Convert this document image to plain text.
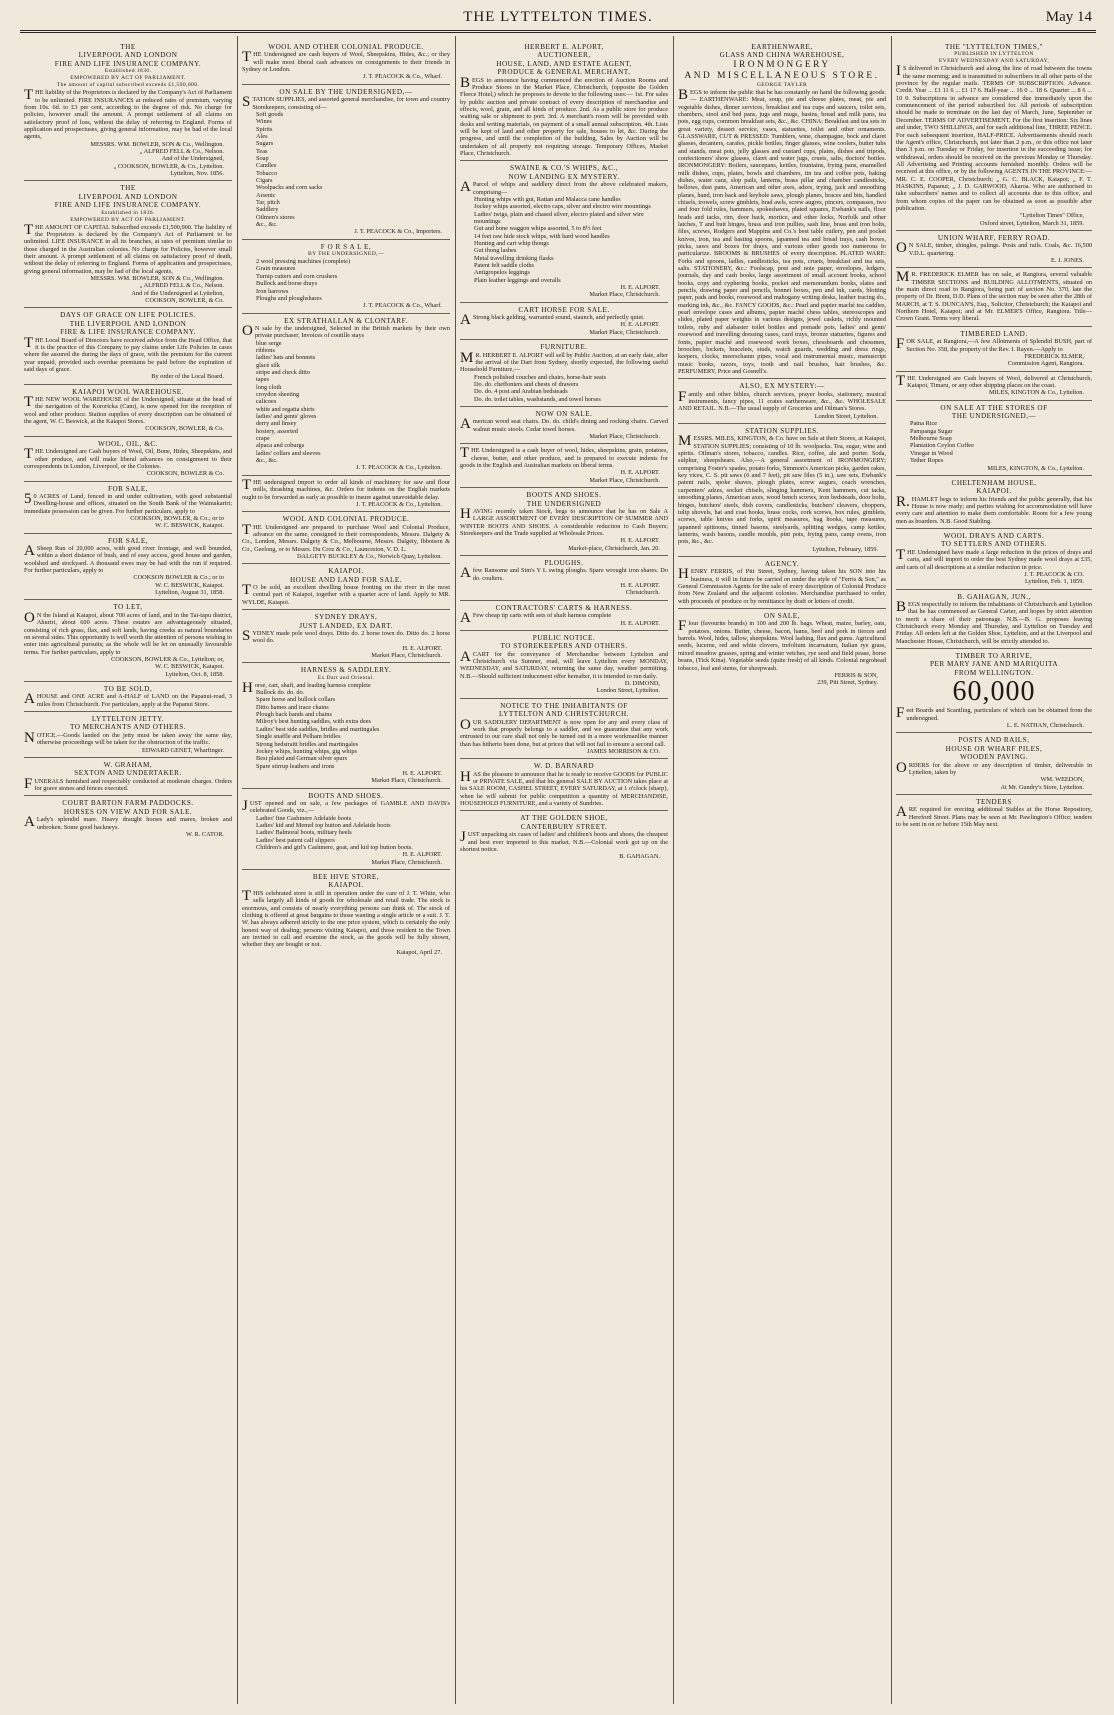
THE LYTTELTON TIMES.	May 14
THE
LIVERPOOL AND LONDON
FIRE AND LIFE INSURANCE COMPANY.
Established 1836.
EMPOWERED BY ACT OF PARLIAMENT.
The amount of capital subscribed exceeds £1,500,000.
THE liability of the Proprietors is declared by the Company's Act of Parliament to be unlimited. FIRE INSURANCES at reduced rates of premium, varying from 10s. 6d. to £3 per cent, according to the degree of risk. No charge for policies, however small the amount. A prompt settlement of all claims on satisfactory proof of loss, without the delay of referring to England. Forms of application and prospectuses, giving general information, may be had of the local agents,
MESSRS. WM. BOWLER, SON & Co., Wellington.
„ ALFRED FELL & Co., Nelson.
And of the Undersigned,
„ COOKSON, BOWLER, & Co., Lyttelton.
Lyttelton, Nov. 1856.
THE
LIVERPOOL AND LONDON
FIRE AND LIFE INSURANCE COMPANY.
Established in 1836.
EMPOWERED BY ACT OF PARLIAMENT.
THE AMOUNT OF CAPITAL Subscribed exceeds £1,500,000. The liability of the Proprietors is declared by the Company's Act of Parliament to be unlimited. LIFE INSURANCE in all its branches, at rates of premium similar to those charged in the Australian colonies. No charge for Policies, however small their amount. A prompt settlement of all claims on satisfactory proof of death, without the delay of referring to England. Forms of application and prospectuses, giving general information, may be had of the local agents,
MESSRS. WM. BOWLER, SON & Co., Wellington.
„ ALFRED FELL & Co., Nelson.
And of the Undersigned at Lyttelton,
COOKSON, BOWLER, & Co.
DAYS OF GRACE ON LIFE POLICIES.
THE LIVERPOOL AND LONDON
FIRE & LIFE INSURANCE COMPANY.
THE Local Board of Directors have received advice from the Head Office, that it is the practice of this Company to pay claims under Life Policies in cases where the assured die during the days of grace, with the premium for the current year unpaid, provided such overdue premiums be paid before the expiration of said days of grace.
By order of the Local Board.
KAIAPOI WOOL WAREHOUSE.
THE NEW WOOL WAREHOUSE of the Undersigned, situate at the head of the navigation of the Kororicka (Cam), is now opened for the reception of wool and other produce. Station supplies of every description can be obtained of the agent, W. C. Beswick, at the Kaiapoi Stores.
COOKSON, BOWLER, & Co.
WOOL, OIL, &C.
THE Undersigned are Cash buyers of Wool, Oil, Bone, Hides, Sheepskins, and other produce, and will make liberal advances on consignment to their correspondents in London, Liverpool, or the Colonies.
COOKSON, BOWLER & Co.
FOR SALE,
50 ACRES of Land, fenced in and under cultivation, with good substantial Dwelling-house and offices, situated on the South Bank of the Waimakariri; immediate possession can be given. For further particulars, apply to
COOKSON, BOWLER, & Co.; or to
W. C. BESWICK, Kaiapoi.
FOR SALE,
ASheep Run of 20,000 acres, with good river frontage, and well bounded, within a short distance of bush, and of easy access, good house and garden, woolshed and stockyard. A thousand ewes may be had with the run if required. For further particulars, apply to
COOKSON BOWLER & Co.; or to
W. C. BESWICK, Kaiapoi.
Lyttelton, August 31, 1858.
TO LET,
ON the Island at Kaiapoi, about 700 acres of land, and in the Tai-tapu district, Ahuriri, about 600 acres. These estates are advantageously situated, consisting of rich grass, flax, and soft lands, having creeks as natural boundaries on several sides. This opportunity is well worth the attention of persons wishing to enter into agricultural pursuits; as the whole will be let on unusually favourable terms. For further particulars, apply to
COOKSON, BOWLER & Co., Lyttelton; or,
W. C. BESWICK, Kaiapoi.
Lyttelton, Oct. 8, 1858.
TO BE SOLD,
AHOUSE and ONE ACRE and A-HALF of LAND on the Papanui-road, 3 miles from Christchurch. For particulars, apply at the Papanui Store.
LYTTELTON JETTY.
TO MERCHANTS AND OTHERS.
NOTICE.—Goods landed on the jetty must be taken away the same day, otherwise proceedings will be taken for the obstruction of the traffic.
EDWARD GENET, Wharfinger.
W. GRAHAM,
SEXTON AND UNDERTAKER.
FUNERALS furnished and respectably conducted at moderate charges. Orders for grave stones and fences executed.
COURT BARTON FARM PADDOCKS.
HORSES ON VIEW AND FOR SALE.
ALady's splendid mare. Heavy draught horses and mares, broken and unbroken. Some good hackneys.
W. R. CATOR.
WOOL AND OTHER COLONIAL PRODUCE.
THE Undersigned are cash buyers of Wool, Sheepskins, Hides, &c.; or they will make most liberal cash advances on consignments to their friends in Sydney or London.
J. T. PEACOCK & Co., Wharf.
ON SALE BY THE UNDERSIGNED,—
STATION SUPPLIES, and assorted general merchandise, for town and country Storekeepers, consisting of—
Soft goods
Wines
Spirits
Ales
Sugars
Teas
Soap
Candles
Tobacco
Cigars
Woolpacks and corn sacks
Arsenic
Tar, pitch
Saddlery
Oilmen's stores
&c., &c.
J. T. PEACOCK & Co., Importers.
F O R S A L E,
BY THE UNDERSIGNED,—
2 wool pressing machines (complete)
Grain measures
Turnip cutters and corn crushers
Bullock and horse drays
Iron harrows
Ploughs and ploughshares
J. T. PEACOCK & Co., Wharf.
EX STRATHALLAN & CLONTARF.
ON sale by the undersigned, Selected in the British markets by their own private purchaser, Invoices of coutille stays
blue serge
ribbons
ladies' hats and bonnets
glacé silk
stripe and check ditto
tapes
long cloth
croydon sheeting
calicoes
white and regatta shirts
ladies' and gents' gloves
derry and linsey
hosiery, assorted
crape
alpaca and coburgs
ladies' collars and sleeves
&c., &c.
J. T. PEACOCK & Co., Lyttelton.
THE undersigned import to order all kinds of machinery for saw and flour mills, thrashing machines, &c. Orders for indents on the English markets ought to be forwarded as early as possible to insure against unavoidable delay.
J. T. PEACOCK & Co., Lyttelton.
WOOL AND COLONIAL PRODUCE.
THE Undersigned are prepared to purchase Wool and Colonial Produce, advance on the same, consigned to their correspondents, Messrs. Dalgety & Co., London, Messrs. Dalgety & Co., Melbourne, Messrs. Dalgety, Ibbotson & Co., Geelong, or to Messrs. Du Croz & Co., Launceston, V. D. L.
DALGETY BUCKLEY & Co., Norwich Quay, Lyttelton.
KAIAPOI.
HOUSE AND LAND FOR SALE.
TO be sold, an excellent dwelling house fronting on the river in the most central part of Kaiapoi, together with a quarter acre of land. Apply to MR. WYLDE, Kaiapoi.
SYDNEY DRAYS,
JUST LANDED, EX DART.
SYDNEY made pole wool drays. Ditto do. 2 horse town do. Ditto do. 2 horse wool do.
H. E. ALPORT.
Market Place, Christchurch.
HARNESS & SADDLERY.
Ex Dart and Oriental.
Horse, cart, shaft, and leading harness complete
Bullock do. do. do.
Spare horse and bullock collars
Ditto hames and trace chains
Plough back bands and chains
Milroy's best hunting saddles, with extra dees
Ladies' best side saddles, bridles and martingales
Single snaffle and Pelham bridles
Strong bedstraitt bridles and martingales
Jockey whips, hunting whips, gig whips
Best plated and German silver spurs
Spare stirrup leathers and irons
H. E. ALPORT.
Market Place, Christchurch.
BOOTS AND SHOES.
JUST opened and on sale, a few packages of GAMBLE AND DAVIS's celebrated Goods, viz.,—
Ladies' fine Cashmere Adelaide boots
Ladies' kid and Memel top button and Adelaide boots
Ladies' Balmoral boots, military heels
Ladies' best patent calf slippers
Children's and girl's Cashmere, goat, and kid top button boots.
H. E. ALPORT.
Market Place, Christchurch.
BEE HIVE STORE,
KAIAPOI.
THIS celebrated store is still in operation under the care of J. T. White, who sells largely all kinds of goods for wholesale and retail trade. The stock is enormous, and consists of nearly everything persons can think of. The stock of clothing is offered at great bargains to those wanting a single article or a suit. J. T. W. has always adhered strictly to the one price system, which is certainly the only honest way of dealing; persons visiting Kaiapoi, and those resident in the Town are invited to call and examine the stock, as the goods will be fully shown, whether they are bought or not.
Kaiapoi, April 27.
HERBERT E. ALPORT,
AUCTIONEER,
HOUSE, LAND, AND ESTATE AGENT,
PRODUCE & GENERAL MERCHANT,
BEGS to announce having commenced the erection of Auction Rooms and Produce Stores in the Market Place, Christchurch, (opposite the Golden Fleece Hotel,) which he proposes to devote to the following uses:— 1st. For sales by public auction and private contract of every description of merchandise and effects, wool, grain, and all kinds of produce. 2nd. As a public store for produce waiting sale or shipment to port. 3rd. A merchant's room will be provided with desks and writing materials, on payment of a small annual subscription. 4th. Lists will be kept of land and other property for sale, houses to let, &c. During the progress, and until the completion of the building, Sales by Auction will be undertaken of all property not requiring storage. Temporary Offices, Market Place, Christchurch.
SWAINE & CO.'S WHIPS, &C.,
NOW LANDING EX MYSTERY.
AParcel of whips and saddlery direct from the above celebrated makers, comprising—
Hunting whips with gut, Rattan and Malacca cane handles
Jockey whips assorted, electro caps, silver and electro wire mountings
Ladies' twigs, plain and chased silver, electro plated and silver wire mountings
Gut and bone waggon whips assorted, 5 to 8½ feet
14 feet raw hide stock whips, with hard wood handles
Hunting and cart whip thongs
Gut thong lashes
Metal travelling drinking flasks
Patent felt saddle cloths
Antigropelos leggings
Plain leather leggings and overalls
H. E. ALPORT.
Market Place, Christchurch.
CART HORSE FOR SALE.
AStrong black gelding, warranted sound, staunch, and perfectly quiet.
H. E. ALPORT.
Market Place, Christchurch.
FURNITURE.
MR. HERBERT E. ALPORT will sell by Public Auction, at an early date, after the arrival of the Dart from Sydney, shortly expected, the following useful Household Furniture,—
French polished couches and chairs, horse-hair seats
Do. do. cheffoniers and chests of drawers
Do. do. 4 post and Arabian bedsteads
Do. do. toilet tables, washstands, and towel horses
NOW ON SALE.
American wood seat chairs. Do. do. child's dining and rocking chairs. Carved walnut music stools. Cedar towel horses.
Market Place, Christchurch.
THE Undersigned is a cash buyer of wool, hides, sheepskins, grain, potatoes, cheese, butter, and other produce, and is prepared to execute indents for goods in the English and Australian markets on liberal terms.
H. E. ALPORT.
Market Place, Christchurch.
BOOTS AND SHOES.
THE UNDERSIGNED
HAVING recently taken Stock, begs to announce that he has on Sale A LARGE ASSORTMENT OF EVERY DESCRIPTION OF SUMMER AND WINTER BOOTS AND SHOES. A considerable reduction to Cash Buyers; Storekeepers and the Trade supplied at Wholesale Prices.
H. E. ALPORT.
Market-place, Christchurch, Jan. 20.
PLOUGHS.
Afew Ransome and Sim's Y L swing ploughs. Spare wrought iron shares. Do do. coulters.
H. E. ALPORT.
Christchurch.
CONTRACTORS' CARTS & HARNESS.
AFew cheap tip carts with sets of shaft harness complete
H. E. ALPORT.
PUBLIC NOTICE.
TO STOREKEEPERS AND OTHERS.
ACART for the conveyance of Merchandise between Lyttelton and Christchurch via Sumner, road, will leave Lyttelton every MONDAY, WEDNESDAY, and SATURDAY, returning the same day, weather permitting. N.B.—Should sufficient inducement offer hereafter, it is intended to run daily.
D. DIMOND,
London Street, Lyttelton.
NOTICE TO THE INHABITANTS OF
LYTTELTON AND CHRISTCHURCH.
OUR SADDLERY DEPARTMENT is now open for any and every class of work that properly belongs to a saddler, and we guarantee that any work entrusted to our care shall not only be turned out in a more workmanlike manner than has hitherto been done, but at prices that will not fail to ensure a second call.
JAMES MORRISON & CO.
W. D. BARNARD
HAS the pleasure to announce that he is ready to receive GOODS for PUBLIC or PRIVATE SALE, and that his general SALE BY AUCTION takes place at his SALE ROOM, CASHEL STREET, EVERY SATURDAY, at 1 o'clock (sharp), when he will submit for public competition a quantity of MERCHANDISE, HOUSEHOLD FURNITURE, and a variety of Sundries.
AT THE GOLDEN SHOE,
CANTERBURY STREET.
JUST unpacking six cases of ladies' and children's boots and shoes, the cheapest and best ever imported to this market. N.B.—Colonial work got up on the shortest notice.
B. GAHAGAN.
EARTHENWARE,
GLASS AND CHINA WAREHOUSE,
IRONMONGERY
AND MISCELLANEOUS STORE.
GEORGE TAYLER
BEGS to inform the public that he has constantly on hand the following goods:— EARTHENWARE: Meat, soup, pie and cheese plates, meat, pie and vegetable dishes, dinner services, breakfast and tea cups and saucers, toilet sets, chambers, stool and bed pans, jugs and mugs, basins, bread and milk pans, tea pots, egg cups, common breakfast sets, &c., &c. CHINA: Breakfast and tea sets in great variety, dessert service, vases, statuettes, toilet and other ornaments. GLASSWARE, CUT & PRESSED: Tumblers, wine, champagne, bock and claret glasses, decanters, carafes, pickle bottles, finger glasses, wine coolers, butter tubs and stands, meat pots, jelly glasses and custard cups, plates, dishes and tripods, confectioners' show glasses, claret and water jugs, cruets, salts, doctors' bottles. IRONMONGERY: Boilers, saucepans, kettles, fountains, frying pans, enamelled milk dishes, cups, plates, bowls and chambers, tin tea and coffee pots, baking dishes, water cans, slop pails, lanterns, brass pillar and chamber candlesticks, bellows, dust pans, American and other axes, adzes, trying, jack and smoothing planes, hand, iron back and keyhole saws, plough planes, braces and bits, handled chisels, trowels, screw gimblets, brad awls, screw augres, pincers, compasses, two and four fold rules, hammers, spokeshaves, plated squares, Ewbank's nails, floor brads and tacks, rim, door back, mortice, and other locks, Norfolk and other latches, T and butt hinges, brass and iron pullies, sash line, brass and iron bolts, files, screws, Rodgers and Mappins and Co.'s best table cutlery, pen and pocket knives, iron, tea and basting spoons, japanned tea and bread trays, cash boxes, picks, saws and boxes for drays, and various other goods too numerous to particularize. BROOMS & BRUSHES of every description. PLATED WARE: Forks and spoons, ladles, candlesticks, tea pots, cruets, breakfast and tea sets, salts. STATIONERY, &c.: Foolscap, post and note paper, envelopes, ledgers, journals, day and cash books, large assortment of small account books, school books, copy and cyphering books, pocket and memorandum books, slates and pencils, drawing paper and pencils, bonnet boxes, pen and ink, cards, blotting paper, pads and books, rosewood and mahogany writing desks, leather tracing do., marking ink, &c., &c. FANCY GOODS, &c.: Pearl and papier maché tea caddies, pearl envelope cases and albums, papier maché chess tables, stereoscopes and slides, plated paper weights in various designs, jewel caskets, richly mounted toilets, ruby and alabaster toilet bottles and pomade pots, ladies' and gents' rosewood and travelling dressing cases, card trays, bronze statuettes, figures and fonts, papier maché and rosewood work boxes, chessboards and chessmen, brooches, lockets, bracelets, studs, watch guards, wedding and dress rings, keepers, clocks, meerschaum pipes, vocal and instrumental music, manuscript music books, razors, toys, tooth and nail brushes, hair brushes, &c. PERFUMERY, Price and Gosnell's.
ALSO, EX MYSTERY:—
Family and other bibles, church services, prayer books, stationery, musical instruments, fancy pipes, 11 crates earthenware, &c., &c. WHOLESALE AND RETAIL. N.B.—The usual supply of Groceries and Oilman's Stores.
London Street, Lyttelton.
STATION SUPPLIES.
MESSRS. MILES, KINGTON, & Co. have on Sale at their Stores, at Kaiapoi, STATION SUPPLIES; consisting of 10 lb. woolpacks. Tea, sugar, wine and spirits. Oilman's stores, tobacco, candles. Rice, coffee, ale and porter. Soda, sulphur, sheepshears. Also,—A general assortment of IRONMONGERY; comprising Foster's spades, potato forks, Simmon's American picks, garden rakes, key vices, C. S. pit saws (6 and 7 feet), pit saw files (5 in.), saw sets, Ewbank's patent nails, spoke shaves, plough plates, screw augurs, coach wrenches, carpenters' adzes, socket chisels, slinging hammers, Kent hammers, cut tacks, smoothing planes, American axes, wood bench screws, iron bedsteads, door bolts, hinges, butchers' steels, dish covers, candlesticks, butchers' cleavers, choppers, tulip shovels, hat and coat hooks, brass cocks, cork screws, box rules, gimblets, screws, table knives and forks, spirit measures, bag hooks, tape measures, japanned spittoons, tinned basons, steelyards, splitting wedges, camp kettles, lanterns, wash basons, candle moulds, pint pots, frying pans, camp ovens, iron pots, &c., &c.
Lyttelton, February, 1859.
AGENCY.
HENRY FERRIS, of Pitt Street, Sydney, having taken his SON into his business, it will in future be carried on under the style of "Ferris & Son," as General Commission Agents for the sale of every description of Colonial Produce from New Zealand and the adjacent colonies. Merchandise purchased to order, with proceeds of produce or by remittance by draft or letters of credit.
ON SALE,
Flour (favourite brands) in 100 and 200 lb. bags. Wheat, maize, barley, oats, potatoes, onions. Butter, cheese, bacon, hams, beef and pork in tierces and barrels. Wool, hides, tallow, sheepskins. Wool lashing, flax and gums. Agricultural seeds, lucerne, red and white clovers, trefolium incarnatum, Italian rye grass, mixed meadow grasses, spring and winter vetches, rye seed and field pease, horse beans, (Tick Kina). Vegetable seeds (quite fresh) of all kinds. Colonial negrohead tobacco, leaf and stems, for sheepwash.
FERRIS & SON,
239, Pitt Street, Sydney.
THE "LYTTELTON TIMES,"
PUBLISHED IN LYTTELTON
EVERY WEDNESDAY AND SATURDAY,
IS delivered in Christchurch and along the line of road between the towns the same morning; and is transmitted to subscribers in all other parts of the province by the regular mails. TERMS OF SUBSCRIPTION. Advance. Credit. Year ... £1 11 6 ... £1 17 6. Half-year ... 16 0 ... 18 6. Quarter ... 8 6 ... 10 0. Subscriptions in advance are considered due immediately upon the commencement of the period subscribed for. All periods of subscription should be made to terminate on the last day of March, June, September or December. TERMS OF ADVERTISEMENT. For the first insertion: Six lines and under, TWO SHILLINGS, and for each additional line, THREE PENCE. For each subsequent insertion, HALF-PRICE. Advertisements should reach the Agent's office, Christchurch, not later than 2 p.m., or this office not later than 3 p.m. on Tuesday or Friday, for insertion in the succeeding issue; for withdrawal, orders should be received on the previous Monday or Thursday. All Advertising and Printing accounts furnished monthly. Orders will be received at this office, or by the following AGENTS IN THE PROVINCE:— MR. C. E. COOPER, Christchurch; „ G. C. BLACK, Kaiapoi; „ F. T. HASKINS, Papanui; „ J. D. GARWOOD, Akaroa. Who are authorised to take subscribers' names and to collect all accounts due to this office, and from whom copies of the paper can be obtained as soon as possible after publication.
"Lyttelton Times" Office,
Oxford street, Lyttelton, March 31, 1859.
UNION WHARF, FERRY ROAD.
ON SALE, timber, shingles, palings. Posts and rails. Coals, &c. 16,500 V.D.L. quartering.
E. J. JONES.
MR. FREDERICK ELMER has on sale, at Rangiora, several valuable TIMBER SECTIONS and BUILDING ALLOTMENTS, situated on the main direct road to Rangiora, being part of section No. 370, late the property of Dr. Brent, D.D. Plans of the section may be seen after the 28th of MARCH, at T. S. DUNCAN'S, Esq., Solicitor, Christchurch; the Kaiapoi and Northern Hotel, Kaiapoi; and at Mr. ELMER'S Office, Rangiora. Title—Crown Grant. Terms very liberal.
TIMBERED LAND.
FOR SALE, at Rangiora,—A few Allotments of Splendid BUSH, part of Section No. 358, the property of the Rev. I. Rayen.—Apply to
FREDERICK ELMER,
Commission Agent, Rangiora.
THE Undersigned are Cash buyers of Wool, delivered at Christchurch, Kaiapoi, Timaru, or any other shipping places on the coast.
MILES, KINGTON & Co., Lyttelton.
ON SALE AT THE STORES OF
THE UNDERSIGNED,—
Patna Rice
Pampanga Sugar
Melbourne Soap
Plantation Ceylon Coffee
Vinegar in Wood
Tether Ropes
MILES, KINGTON, & Co., Lyttelton.
CHELTENHAM HOUSE,
KAIAPOI.
R.HAMLET begs to inform his friends and the public generally, that his House is now ready; and parties wishing for accommodation will have every care and attention to make them comfortable. Room for a few young men as boarders. N.B. Good Stabling.
WOOL DRAYS AND CARTS.
TO SETTLERS AND OTHERS.
THE Undersigned have made a large reduction in the prices of drays and carts, and will import to order the best Sydney made wool drays at £35, and carts of all descriptions at a similar reduction in price.
J. T. PEACOCK & CO.
Lyttelton, Feb. 1, 1859.
B. GAHAGAN, JUN.,
BEGS respectfully to inform the inhabitants of Christchurch and Lyttelton that he has commenced as General Carter, and hopes by strict attention to merit a share of their patronage. N.B.—B. G. proposes leaving Christchurch every Monday and Thursday, and Lyttelton on Tuesday and Friday. All orders left at the Golden Shoe, Lyttelton, and at the Liverpool and Manchester House, Christchurch, will be strictly attended to.
TIMBER TO ARRIVE,
PER MARY JANE AND MARIQUITA
FROM WELLINGTON.
60,000
Feet Boards and Scantling, particulars of which can be obtained from the undersigned.
L. E. NATHAN, Christchurch.
POSTS AND RAILS,
HOUSE OR WHARF PILES,
WOODEN PAVING.
ORDERS for the above or any description of timber, deliverable in Lyttelton, taken by
WM. WEEDON,
At Mr. Gundry's Store, Lyttelton.
TENDERS
ARE required for erecting additional Stables at the Horse Repository, Hereford Street. Plans may be seen at Mr. Pawlington's Office; tenders to be sent in on or before 15th May next.
